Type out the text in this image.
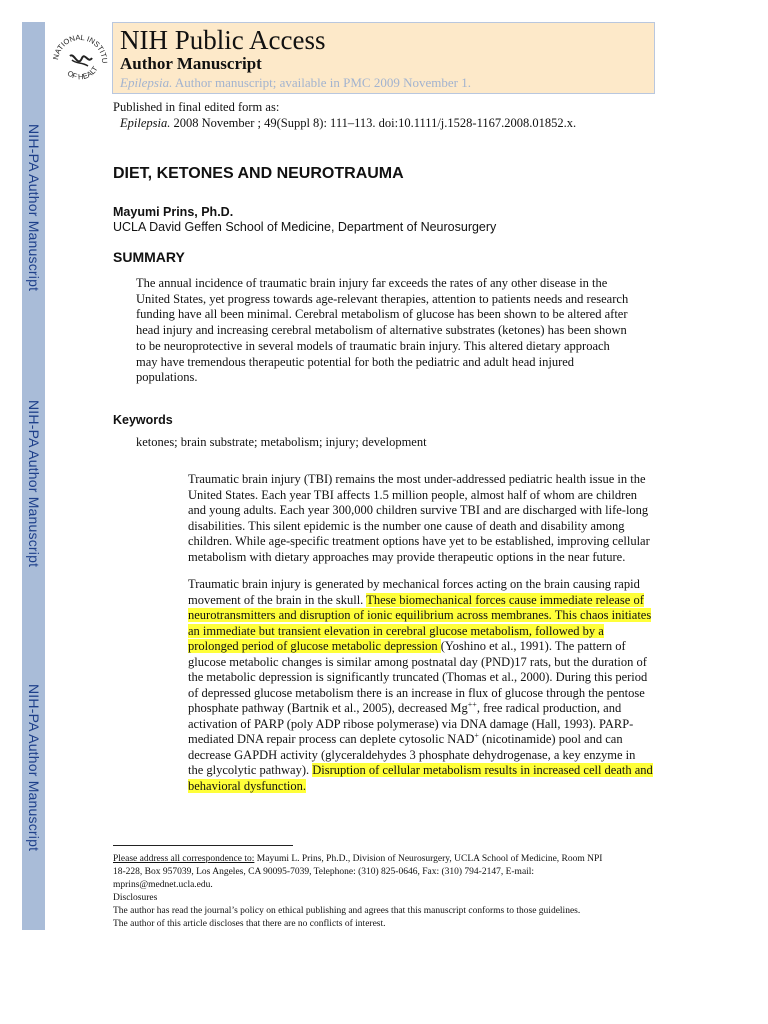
NIH-PA Author Manuscript
NIH-PA Author Manuscript
NIH-PA Author Manuscript
NATIONAL INSTITU
OF HEALT
NIH Public Access
Author Manuscript
Epilepsia. Author manuscript; available in PMC 2009 November 1.
Published in final edited form as:
Epilepsia. 2008 November ; 49(Suppl 8): 111–113. doi:10.1111/j.1528-1167.2008.01852.x.
DIET, KETONES AND NEUROTRAUMA
Mayumi Prins, Ph.D.
UCLA David Geffen School of Medicine, Department of Neurosurgery
SUMMARY
The annual incidence of traumatic brain injury far exceeds the rates of any other disease in the
United States, yet progress towards age-relevant therapies, attention to patients needs and research
funding have all been minimal. Cerebral metabolism of glucose has been shown to be altered after
head injury and increasing cerebral metabolism of alternative substrates (ketones) has been shown
to be neuroprotective in several models of traumatic brain injury. This altered dietary approach
may have tremendous therapeutic potential for both the pediatric and adult head injured
populations.
Keywords
ketones; brain substrate; metabolism; injury; development
Traumatic brain injury (TBI) remains the most under-addressed pediatric health issue in the
United States. Each year TBI affects 1.5 million people, almost half of whom are children
and young adults. Each year 300,000 children survive TBI and are discharged with life-long
disabilities. This silent epidemic is the number one cause of death and disability among
children. While age-specific treatment options have yet to be established, improving cellular
metabolism with dietary approaches may provide therapeutic options in the near future.
Traumatic brain injury is generated by mechanical forces acting on the brain causing rapid
movement of the brain in the skull. These biomechanical forces cause immediate release of
neurotransmitters and disruption of ionic equilibrium across membranes. This chaos initiates
an immediate but transient elevation in cerebral glucose metabolism, followed by a
prolonged period of glucose metabolic depression (Yoshino et al., 1991). The pattern of
glucose metabolic changes is similar among postnatal day (PND)17 rats, but the duration of
the metabolic depression is significantly truncated (Thomas et al., 2000). During this period
of depressed glucose metabolism there is an increase in flux of glucose through the pentose
phosphate pathway (Bartnik et al., 2005), decreased Mg++, free radical production, and
activation of PARP (poly ADP ribose polymerase) via DNA damage (Hall, 1993). PARP-
mediated DNA repair process can deplete cytosolic NAD+ (nicotinamide) pool and can
decrease GAPDH activity (glyceraldehydes 3 phosphate dehydrogenase, a key enzyme in
the glycolytic pathway). Disruption of cellular metabolism results in increased cell death and
behavioral dysfunction.
Please address all correspondence to: Mayumi L. Prins, Ph.D., Division of Neurosurgery, UCLA School of Medicine, Room NPI
18-228, Box 957039, Los Angeles, CA 90095-7039, Telephone: (310) 825-0646, Fax: (310) 794-2147, E-mail:
mprins@mednet.ucla.edu.
Disclosures
The author has read the journal’s policy on ethical publishing and agrees that this manuscript conforms to those guidelines.
The author of this article discloses that there are no conflicts of interest.
